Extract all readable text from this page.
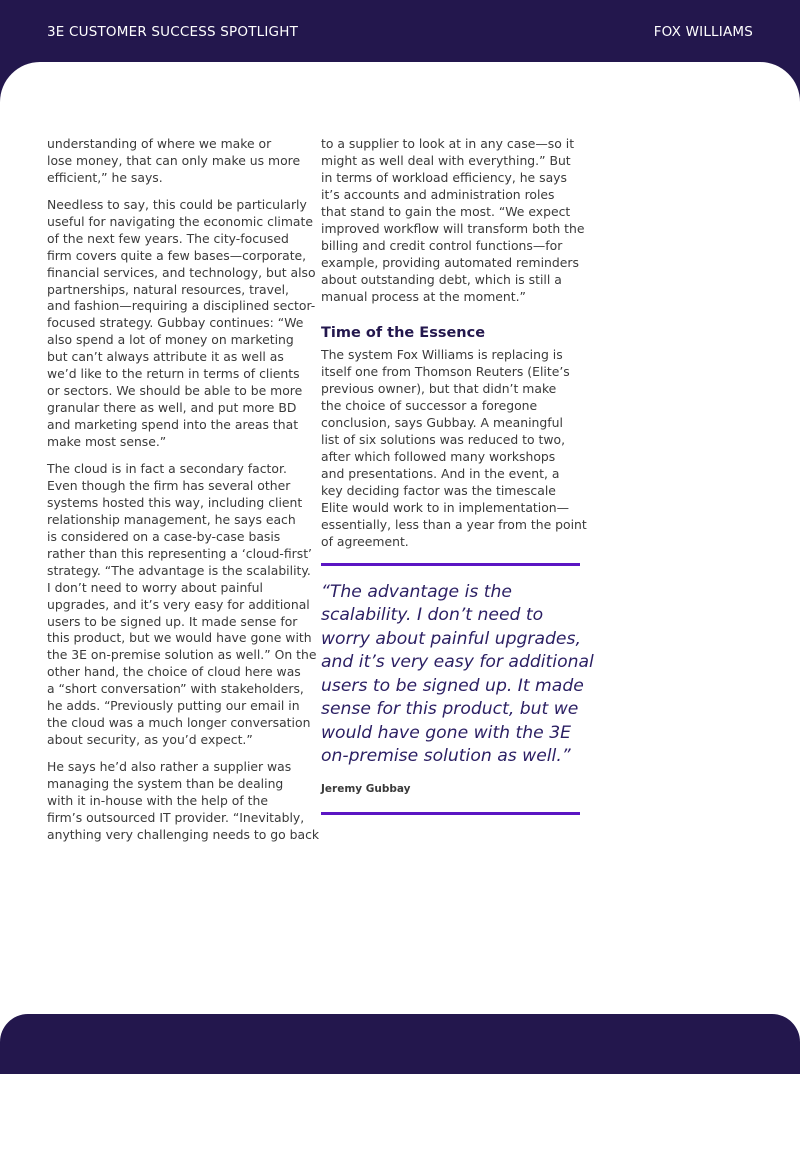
3E CUSTOMER SUCCESS SPOTLIGHT	FOX WILLIAMS

understanding of where we make or
lose money, that can only make us more
efficient,” he says.

Needless to say, this could be particularly
useful for navigating the economic climate
of the next few years. The city-focused
firm covers quite a few bases—corporate,
financial services, and technology, but also
partnerships, natural resources, travel,
and fashion—requiring a disciplined sector-
focused strategy. Gubbay continues: “We
also spend a lot of money on marketing
but can’t always attribute it as well as
we’d like to the return in terms of clients
or sectors. We should be able to be more
granular there as well, and put more BD
and marketing spend into the areas that
make most sense.”

The cloud is in fact a secondary factor.
Even though the firm has several other
systems hosted this way, including client
relationship management, he says each
is considered on a case-by-case basis
rather than this representing a ‘cloud-first’
strategy. “The advantage is the scalability.
I don’t need to worry about painful
upgrades, and it’s very easy for additional
users to be signed up. It made sense for
this product, but we would have gone with
the 3E on-premise solution as well.” On the
other hand, the choice of cloud here was
a “short conversation” with stakeholders,
he adds. “Previously putting our email in
the cloud was a much longer conversation
about security, as you’d expect.”

He says he’d also rather a supplier was
managing the system than be dealing
with it in-house with the help of the
firm’s outsourced IT provider. “Inevitably,
anything very challenging needs to go back

to a supplier to look at in any case—so it
might as well deal with everything.” But
in terms of workload efficiency, he says
it’s accounts and administration roles
that stand to gain the most. “We expect
improved workflow will transform both the
billing and credit control functions—for
example, providing automated reminders
about outstanding debt, which is still a
manual process at the moment.”

Time of the Essence

The system Fox Williams is replacing is
itself one from Thomson Reuters (Elite’s
previous owner), but that didn’t make
the choice of successor a foregone
conclusion, says Gubbay. A meaningful
list of six solutions was reduced to two,
after which followed many workshops
and presentations. And in the event, a
key deciding factor was the timescale
Elite would work to in implementation—
essentially, less than a year from the point
of agreement.

“The advantage is the
scalability. I don’t need to
worry about painful upgrades,
and it’s very easy for additional
users to be signed up. It made
sense for this product, but we
would have gone with the 3E
on-premise solution as well.”
Jeremy Gubbay
